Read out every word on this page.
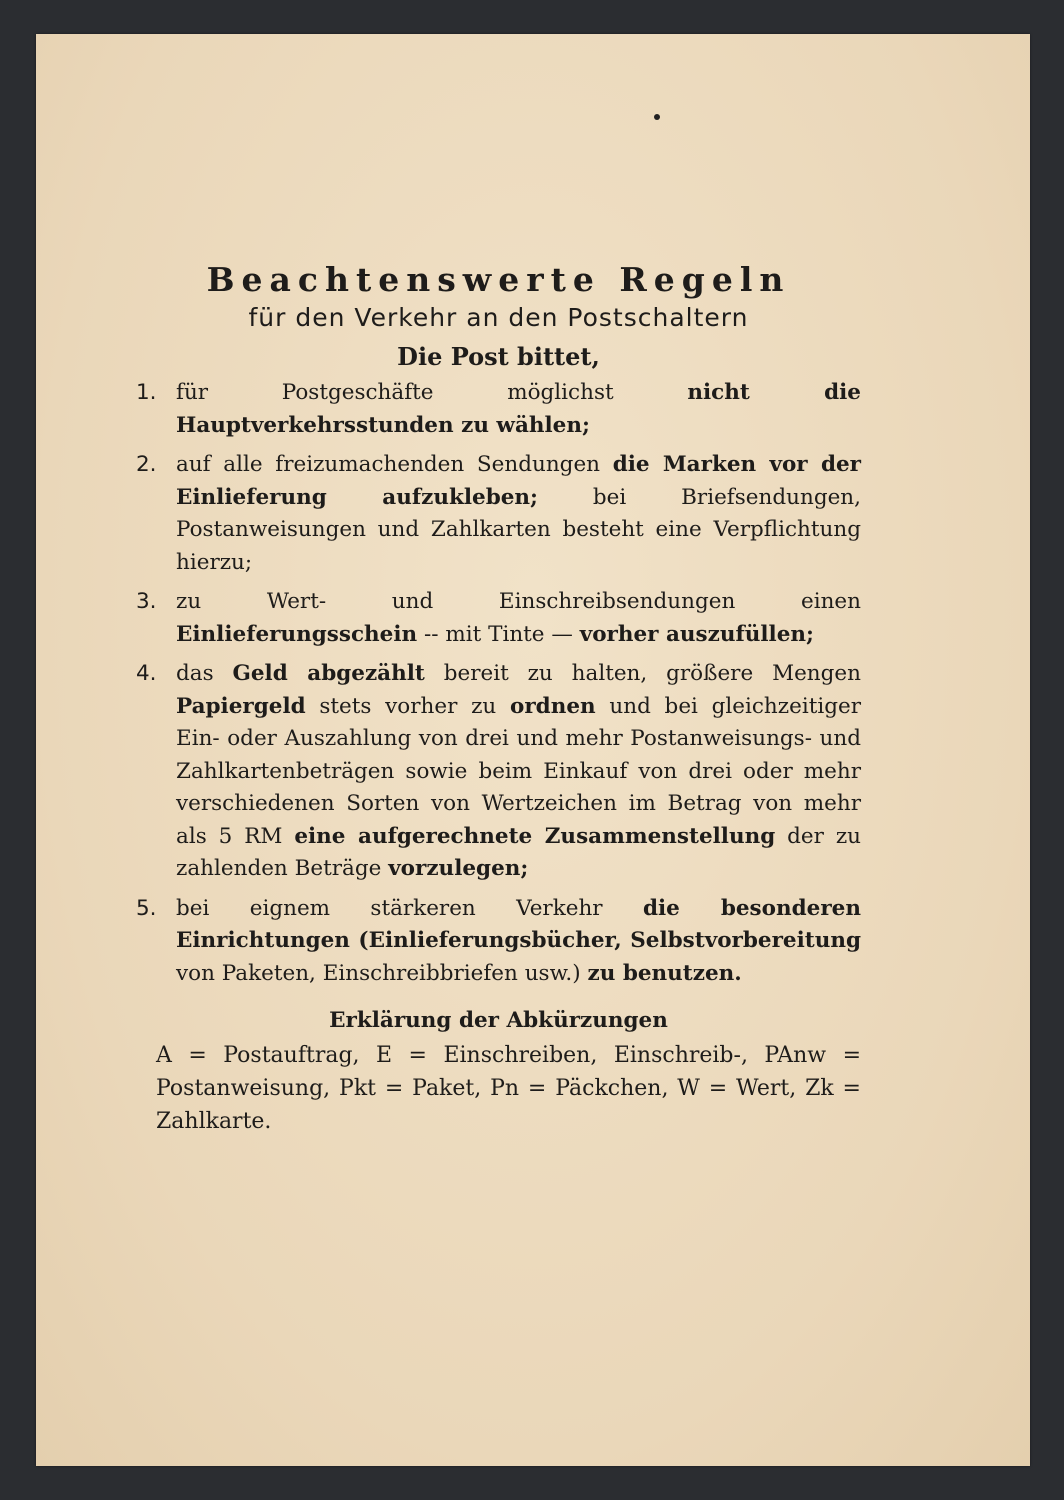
Beachtenswerte Regeln
für den Verkehr an den Postschaltern
Die Post bittet,
1. für Postgeschäfte möglichst nicht die Hauptverkehrsstunden zu wählen;
2. auf alle freizumachenden Sendungen die Marken vor der Einlieferung aufzukleben; bei Briefsendungen, Postanweisungen und Zahlkarten besteht eine Verpflichtung hierzu;
3. zu Wert- und Einschreibsendungen einen Einlieferungsschein -- mit Tinte — vorher auszufüllen;
4. das Geld abgezählt bereit zu halten, größere Mengen Papiergeld stets vorher zu ordnen und bei gleichzeitiger Ein- oder Auszahlung von drei und mehr Postanweisungs- und Zahlkartenbeträgen sowie beim Einkauf von drei oder mehr verschiedenen Sorten von Wertzeichen im Betrag von mehr als 5 RM eine aufgerechnete Zusammenstellung der zu zahlenden Beträge vorzulegen;
5. bei eignem stärkeren Verkehr die besonderen Einrichtungen (Einlieferungsbücher, Selbstvorbereitung von Paketen, Einschreibbriefen usw.) zu benutzen.
Erklärung der Abkürzungen
A = Postauftrag, E = Einschreiben, Einschreib-, PAnw = Postanweisung, Pkt = Paket, Pn = Päckchen, W = Wert, Zk = Zahlkarte.
